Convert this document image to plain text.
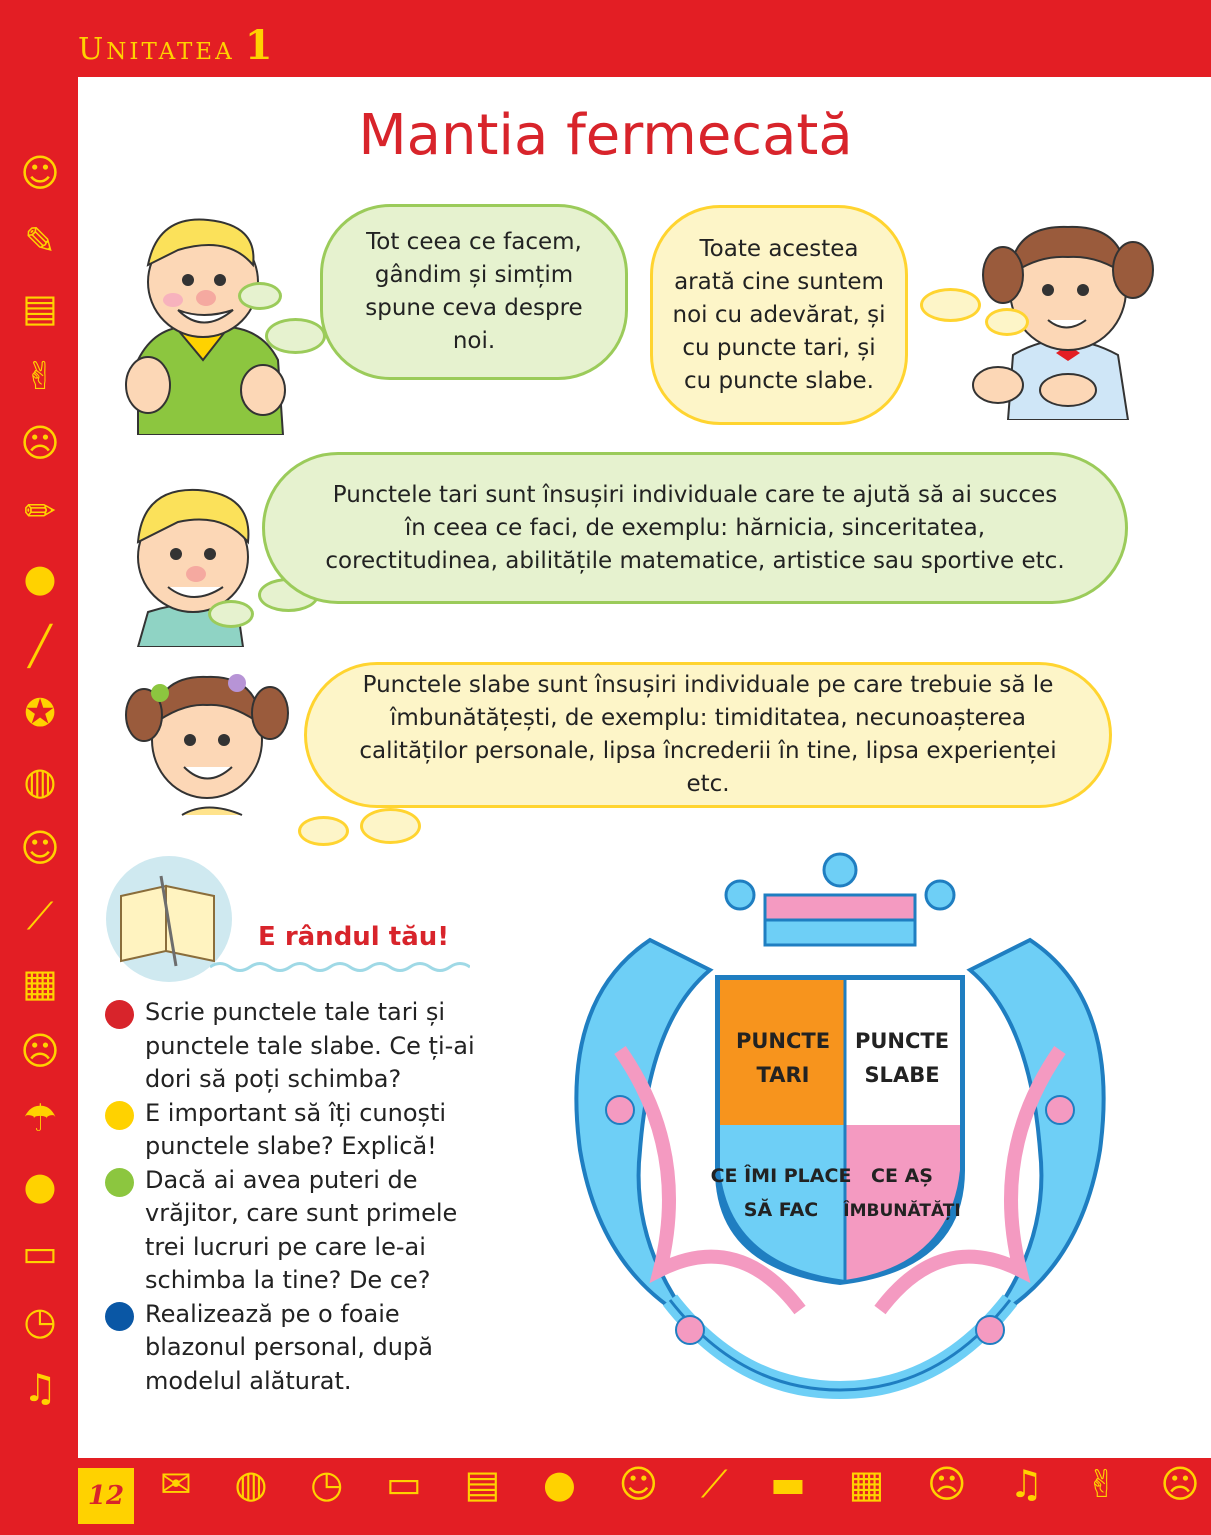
UNITATEA 1
Mantia fermecată
☺
✎
▤
✌
☹
✏
●
╱
✪
◍
☺
⟋
▦
☹
☂
●
▭
◷
♫
✉ ◍ ◷ ▭ ▤ ● ☺ ⟋ ▬ ▦ ☹ ♫ ✌ ☹
12
Tot ceea ce facem, gândim și simțim spune ceva despre noi.
Toate acestea arată cine suntem noi cu adevărat, și cu puncte tari, și cu puncte slabe.
Punctele tari sunt însușiri individuale care te ajută să ai succes în ceea ce faci, de exemplu: hărnicia, sinceritatea, corectitudinea, abilitățile matematice, artistice sau sportive etc.
Punctele slabe sunt însușiri individuale pe care trebuie să le îmbunătățești, de exemplu: timiditatea, necunoașterea calităților personale, lipsa încrederii în tine, lipsa experienței etc.
E rândul tău!
Scrie punctele tale tari și punctele tale slabe. Ce ți-ai dori să poți schimba?
E important să îți cunoști punctele slabe? Explică!
Dacă ai avea puteri de vrăjitor, care sunt primele trei lucruri pe care le-ai schimba la tine? De ce?
Realizează pe o foaie blazonul personal, după modelul alăturat.
PUNCTE
TARI
PUNCTE
SLABE
CE ÎMI PLACE
SĂ FAC
CE AȘ
ÎMBUNĂTĂȚI
